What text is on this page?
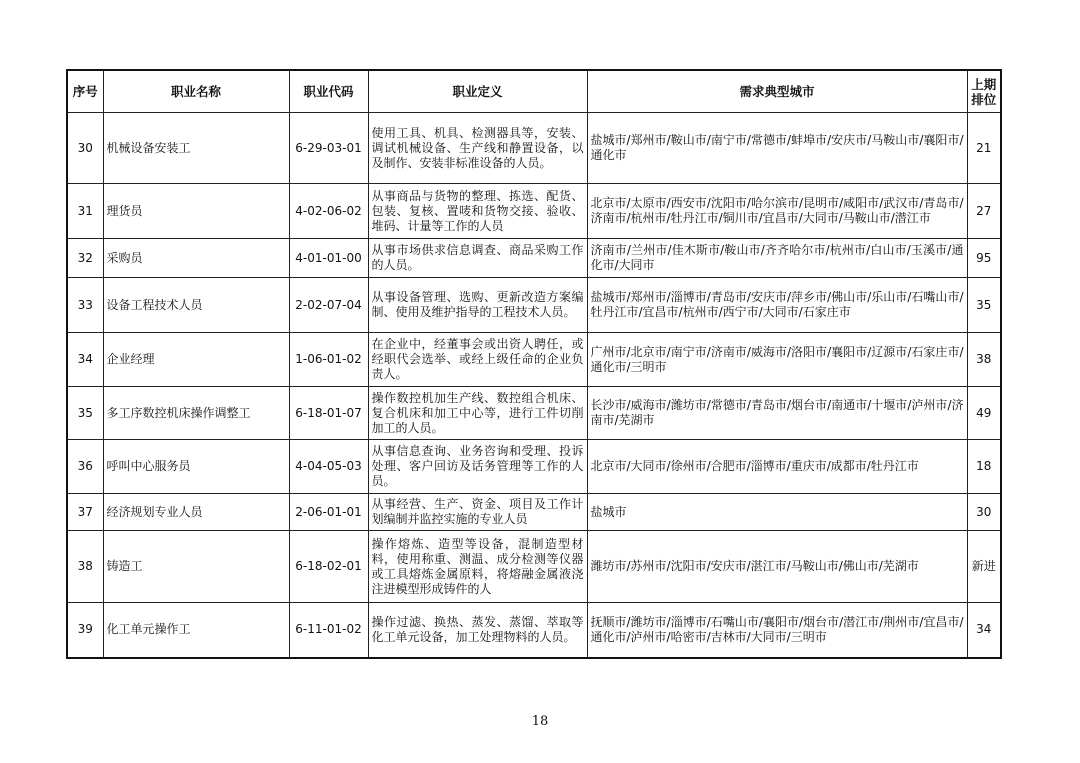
序号	职业名称	职业代码	职业定义	需求典型城市	上期排位
30	机械设备安装工	6-29-03-01	使用工具、机具、检测器具等，安装、调试机械设备、生产线和静置设备，以及制作、安装非标准设备的人员。	盐城市/郑州市/鞍山市/南宁市/常德市/蚌埠市/安庆市/马鞍山市/襄阳市/通化市	21
31	理货员	4-02-06-02	从事商品与货物的整理、拣选、配货、包装、复核、置唛和货物交接、验收、堆码、计量等工作的人员	北京市/太原市/西安市/沈阳市/哈尔滨市/昆明市/咸阳市/武汉市/青岛市/济南市/杭州市/牡丹江市/铜川市/宜昌市/大同市/马鞍山市/潜江市	27
32	采购员	4-01-01-00	从事市场供求信息调查、商品采购工作的人员。	济南市/兰州市/佳木斯市/鞍山市/齐齐哈尔市/杭州市/白山市/玉溪市/通化市/大同市	95
33	设备工程技术人员	2-02-07-04	从事设备管理、选购、更新改造方案编制、使用及维护指导的工程技术人员。	盐城市/郑州市/淄博市/青岛市/安庆市/萍乡市/佛山市/乐山市/石嘴山市/牡丹江市/宜昌市/杭州市/西宁市/大同市/石家庄市	35
34	企业经理	1-06-01-02	在企业中，经董事会或出资人聘任，或经职代会选举、或经上级任命的企业负责人。	广州市/北京市/南宁市/济南市/威海市/洛阳市/襄阳市/辽源市/石家庄市/通化市/三明市	38
35	多工序数控机床操作调整工	6-18-01-07	操作数控机加生产线、数控组合机床、复合机床和加工中心等，进行工件切削加工的人员。	长沙市/威海市/潍坊市/常德市/青岛市/烟台市/南通市/十堰市/泸州市/济南市/芜湖市	49
36	呼叫中心服务员	4-04-05-03	从事信息查询、业务咨询和受理、投诉处理、客户回访及话务管理等工作的人员。	北京市/大同市/徐州市/合肥市/淄博市/重庆市/成都市/牡丹江市	18
37	经济规划专业人员	2-06-01-01	从事经营、生产、资金、项目及工作计划编制并监控实施的专业人员	盐城市	30
38	铸造工	6-18-02-01	操作熔炼、造型等设备，混制造型材料，使用称重、测温、成分检测等仪器或工具熔炼金属原料，将熔融金属液浇注进模型形成铸件的人	潍坊市/苏州市/沈阳市/安庆市/湛江市/马鞍山市/佛山市/芜湖市	新进
39	化工单元操作工	6-11-01-02	操作过滤、换热、蒸发、蒸馏、萃取等化工单元设备，加工处理物料的人员。	抚顺市/潍坊市/淄博市/石嘴山市/襄阳市/烟台市/潜江市/荆州市/宜昌市/通化市/泸州市/哈密市/吉林市/大同市/三明市	34
18
